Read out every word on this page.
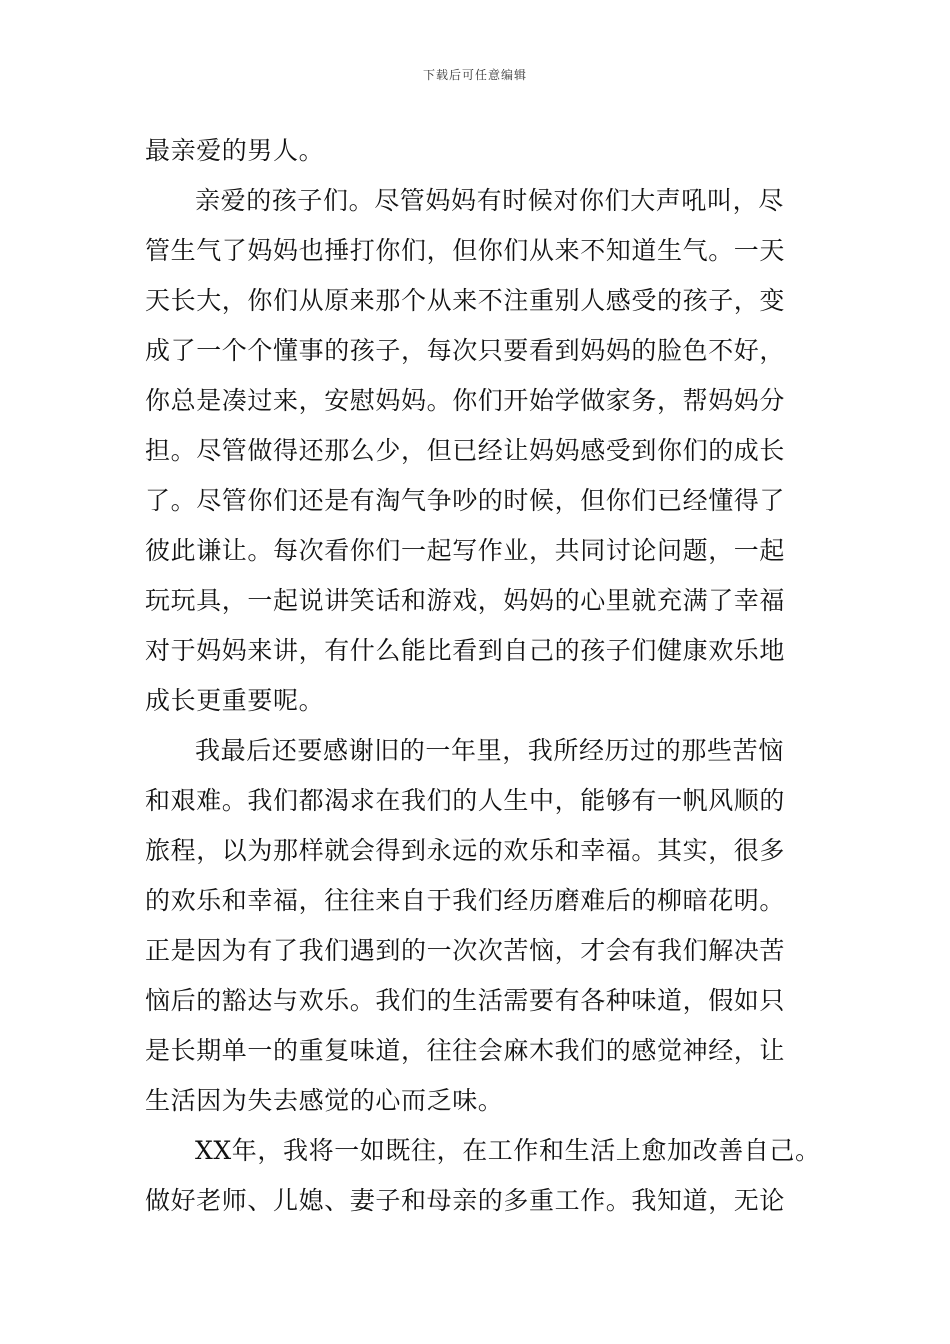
下载后可任意编辑
最亲爱的男人。
亲爱的孩子们。尽管妈妈有时候对你们大声吼叫，尽
管生气了妈妈也捶打你们，但你们从来不知道生气。一天
天长大，你们从原来那个从来不注重别人感受的孩子，变
成了一个个懂事的孩子，每次只要看到妈妈的脸色不好，
你总是凑过来，安慰妈妈。你们开始学做家务，帮妈妈分
担。尽管做得还那么少，但已经让妈妈感受到你们的成长
了。尽管你们还是有淘气争吵的时候，但你们已经懂得了
彼此谦让。每次看你们一起写作业，共同讨论问题，一起
玩玩具，一起说讲笑话和游戏，妈妈的心里就充满了幸福
对于妈妈来讲，有什么能比看到自己的孩子们健康欢乐地
成长更重要呢。
我最后还要感谢旧的一年里，我所经历过的那些苦恼
和艰难。我们都渴求在我们的人生中，能够有一帆风顺的
旅程，以为那样就会得到永远的欢乐和幸福。其实，很多
的欢乐和幸福，往往来自于我们经历磨难后的柳暗花明。
正是因为有了我们遇到的一次次苦恼，才会有我们解决苦
恼后的豁达与欢乐。我们的生活需要有各种味道，假如只
是长期单一的重复味道，往往会麻木我们的感觉神经，让
生活因为失去感觉的心而乏味。
XX年，我将一如既往，在工作和生活上愈加改善自己。
做好老师、儿媳、妻子和母亲的多重工作。我知道，无论
